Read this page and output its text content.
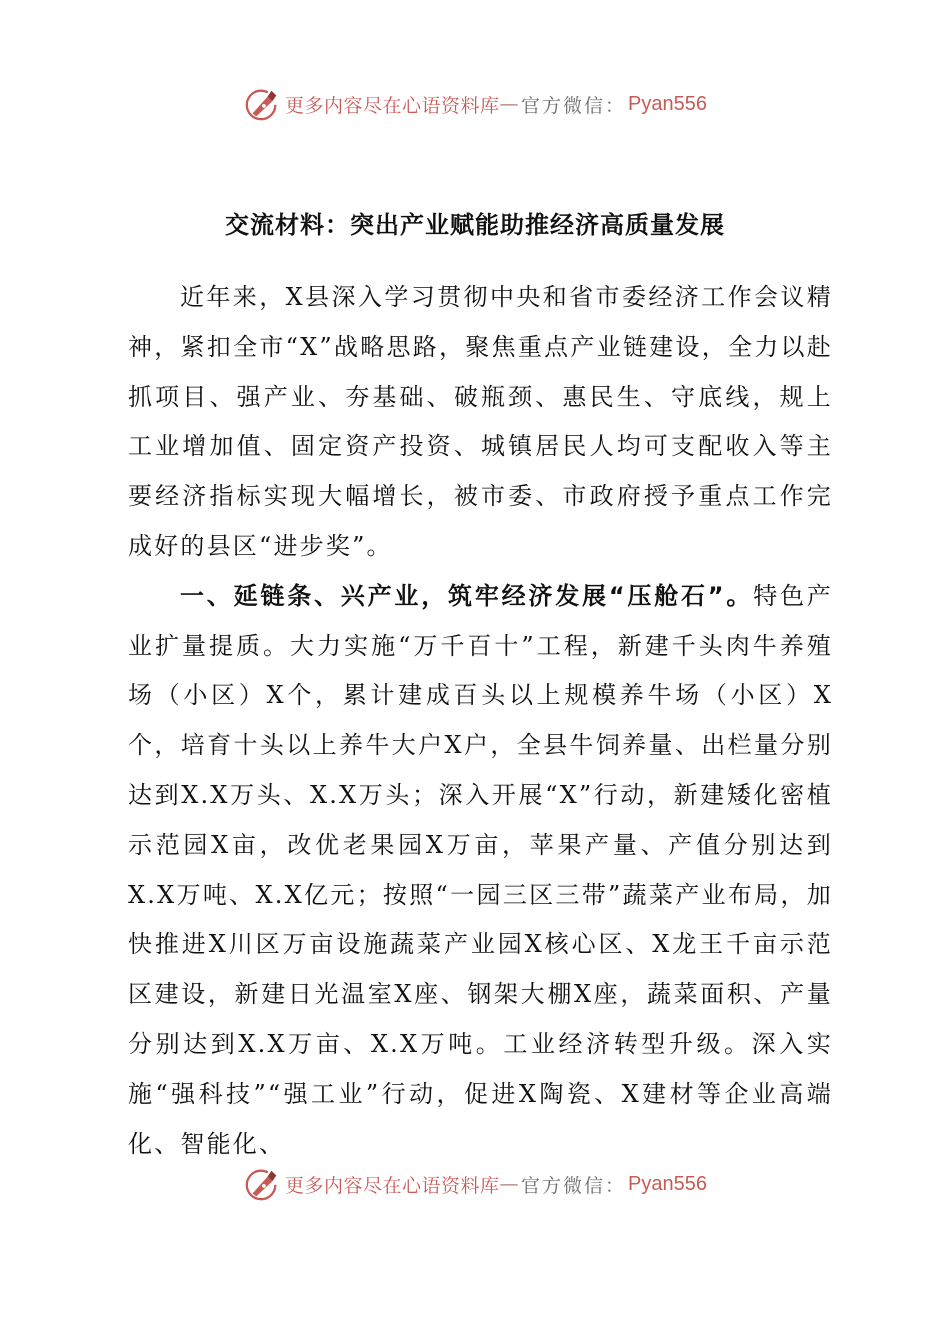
更多内容尽在心语资料库 — 官方微信： Pyan556
交流材料：突出产业赋能助推经济高质量发展

近年来，X县深入学习贯彻中央和省市委经济工作会议精神，紧扣全市“X”战略思路，聚焦重点产业链建设，全力以赴抓项目、强产业、夯基础、破瓶颈、惠民生、守底线，规上工业增加值、固定资产投资、城镇居民人均可支配收入等主要经济指标实现大幅增长，被市委、市政府授予重点工作完成好的县区“进步奖”。

一、延链条、兴产业，筑牢经济发展“压舱石”。特色产业扩量提质。大力实施“万千百十”工程，新建千头肉牛养殖场（小区）X个，累计建成百头以上规模养牛场（小区）X个，培育十头以上养牛大户X户，全县牛饲养量、出栏量分别达到X.X万头、X.X万头；深入开展“X”行动，新建矮化密植示范园X亩，改优老果园X万亩，苹果产量、产值分别达到X.X万吨、X.X亿元；按照“一园三区三带”蔬菜产业布局，加快推进X川区万亩设施蔬菜产业园X核心区、X龙王千亩示范区建设，新建日光温室X座、钢架大棚X座，蔬菜面积、产量分别达到X.X万亩、X.X万吨。工业经济转型升级。深入实施“强科技”“强工业”行动，促进X陶瓷、X建材等企业高端化、智能化、

更多内容尽在心语资料库 — 官方微信： Pyan556
